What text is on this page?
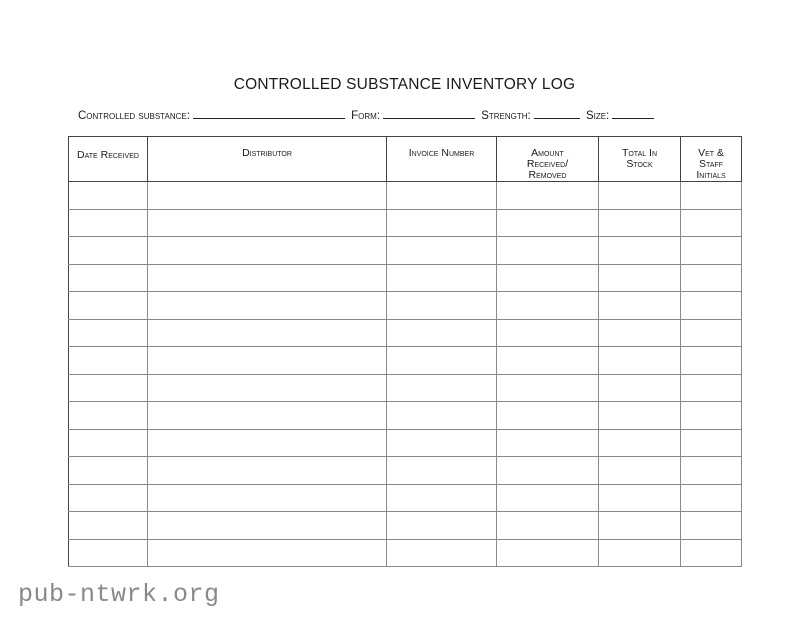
CONTROLLED SUBSTANCE INVENTORY LOG
Controlled substance:	Form:	Strength:	Size:
Date Received	Distributor	Invoice Number	Amount Received/ Removed	Total In Stock	Vet & Staff Initials

pub-ntwrk.org
